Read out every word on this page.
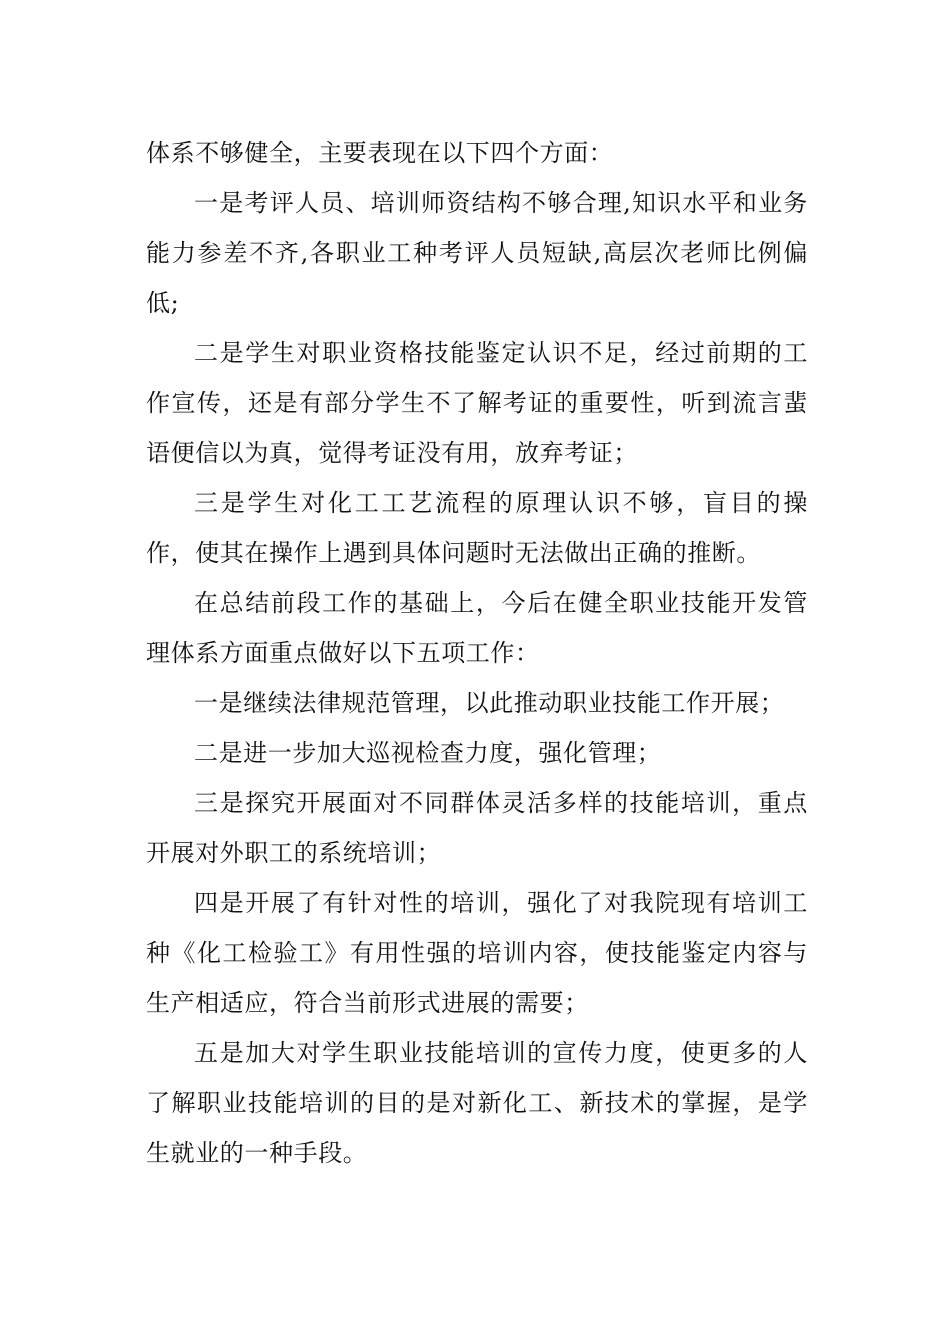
体系不够健全，主要表现在以下四个方面：

一是考评人员、培训师资结构不够合理,知识水平和业务能力参差不齐,各职业工种考评人员短缺,高层次老师比例偏低;

二是学生对职业资格技能鉴定认识不足，经过前期的工作宣传，还是有部分学生不了解考证的重要性，听到流言蜚语便信以为真，觉得考证没有用，放弃考证；

三是学生对化工工艺流程的原理认识不够，盲目的操作，使其在操作上遇到具体问题时无法做出正确的推断。

在总结前段工作的基础上，今后在健全职业技能开发管理体系方面重点做好以下五项工作：

一是继续法律规范管理，以此推动职业技能工作开展；

二是进一步加大巡视检查力度，强化管理；

三是探究开展面对不同群体灵活多样的技能培训，重点开展对外职工的系统培训；

四是开展了有针对性的培训，强化了对我院现有培训工种《化工检验工》有用性强的培训内容，使技能鉴定内容与生产相适应，符合当前形式进展的需要；

五是加大对学生职业技能培训的宣传力度，使更多的人了解职业技能培训的目的是对新化工、新技术的掌握，是学生就业的一种手段。
